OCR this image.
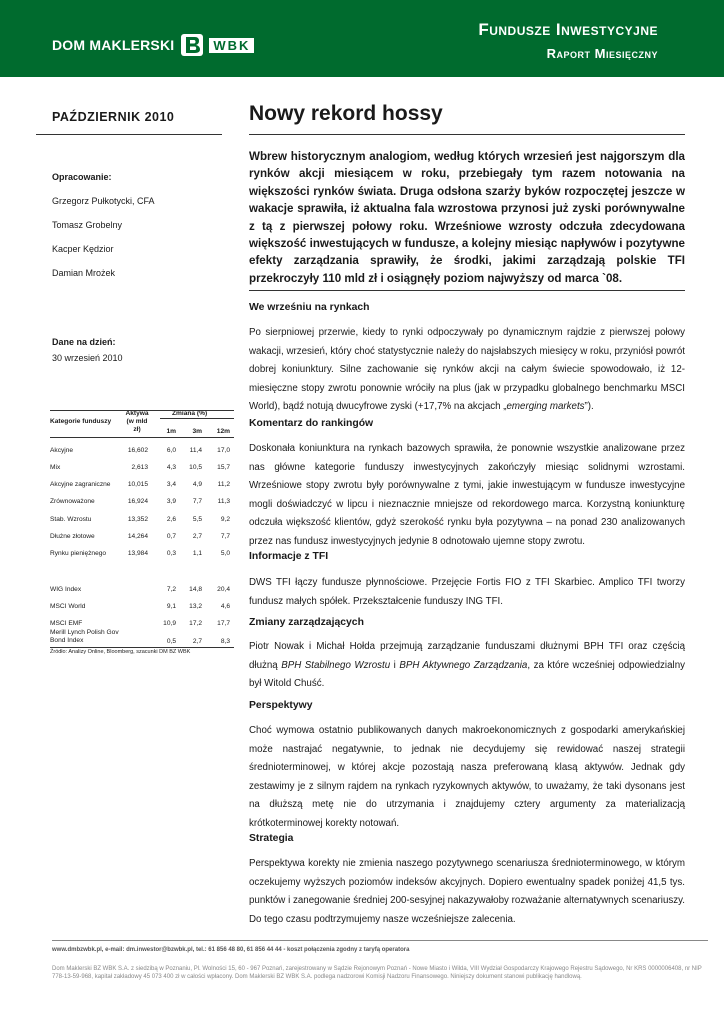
DOM MAKLERSKI	WBK
Fundusze Inwestycyjne
Raport Miesięczny
PAŹDZIERNIK 2010	Nowy rekord hossy
Opracowanie:
Grzegorz Pułkotycki, CFA
Tomasz Grobelny
Kacper Kędzior
Damian Mrożek
Dane na dzień:
30 wrzesień 2010
Kategorie funduszy
Aktywa (w mld zł)
Zmiana (%)
1m 3m 12m
Akcyjne	16,602	6,0 11,4 17,0
Mix	2,613	4,3 10,5 15,7
Akcyjne zagraniczne	10,015	3,4	4,9 11,2
Zrównoważone	16,924	3,9	7,7 11,3
Stab. Wzrostu	13,352	2,6	5,5	9,2
Dłużne złotowe	14,264	0,7	2,7	7,7
Rynku pieniężnego	13,984	0,3	1,1	5,0
WIG Index	7,2 14,8 20,4
MSCI World	9,1 13,2	4,6
MSCI EMF	10,9 17,2 17,7
Merill Lynch Polish Gov Bond Index	0,5	2,7	8,3
Źródło: Analizy Online, Bloomberg, szacunki DM BZ WBK
Wbrew historycznym analogiom, według których wrzesień jest najgorszym dla rynków akcji miesiącem w roku, przebiegały tym razem notowania na większości rynków świata. Druga odsłona szarży byków rozpoczętej jeszcze w wakacje sprawiła, iż aktualna fala wzrostowa przynosi już zyski porównywalne z tą z pierwszej połowy roku. Wrześniowe wzrosty odczuła zdecydowana większość inwestujących w fundusze, a kolejny miesiąc napływów i pozytywne efekty zarządzania sprawiły, że środki, jakimi zarządzają polskie TFI przekroczyły 110 mld zł i osiągnęły poziom najwyższy od marca `08.
We wrześniu na rynkach
Po sierpniowej przerwie, kiedy to rynki odpoczywały po dynamicznym rajdzie z pierwszej połowy wakacji, wrzesień, który choć statystycznie należy do najsłabszych miesięcy w roku, przyniósł powrót dobrej koniunktury. Silne zachowanie się rynków akcji na całym świecie spowodowało, iż 12-miesięczne stopy zwrotu ponownie wróciły na plus (jak w przypadku globalnego benchmarku MSCI World), bądź notują dwucyfrowe zyski (+17,7% na akcjach „emerging markets”).
Komentarz do rankingów
Doskonała koniunktura na rynkach bazowych sprawiła, że ponownie wszystkie analizowane przez nas główne kategorie funduszy inwestycyjnych zakończyły miesiąc solidnymi wzrostami. Wrześniowe stopy zwrotu były porównywalne z tymi, jakie inwestującym w fundusze inwestycyjne mogli doświadczyć w lipcu i nieznacznie mniejsze od rekordowego marca. Korzystną koniunkturę odczuła większość klientów, gdyż szerokość rynku była pozytywna – na ponad 230 analizowanych przez nas fundusz inwestycyjnych jedynie 8 odnotowało ujemne stopy zwrotu.
Informacje z TFI
DWS TFI łączy fundusze płynnościowe. Przejęcie Fortis FIO z TFI Skarbiec. Amplico TFI tworzy fundusz małych spółek. Przekształcenie funduszy ING TFI.
Zmiany zarządzających
Piotr Nowak i Michał Hołda przejmują zarządzanie funduszami dłużnymi BPH TFI oraz częścią dłużną BPH Stabilnego Wzrostu i BPH Aktywnego Zarządzania, za które wcześniej odpowiedzialny był Witold Chuść.
Perspektywy
Choć wymowa ostatnio publikowanych danych makroekonomicznych z gospodarki amerykańskiej może nastrajać negatywnie, to jednak nie decydujemy się rewidować naszej strategii średnioterminowej, w której akcje pozostają nasza preferowaną klasą aktywów. Jednak gdy zestawimy je z silnym rajdem na rynkach ryzykownych aktywów, to uważamy, że taki dysonans jest na dłuższą metę nie do utrzymania i znajdujemy cztery argumenty za materializacją krótkoterminowej korekty notowań.
Strategia
Perspektywa korekty nie zmienia naszego pozytywnego scenariusza średnioterminowego, w którym oczekujemy wyższych poziomów indeksów akcyjnych. Dopiero ewentualny spadek poniżej 41,5 tys. punktów i zanegowanie średniej 200-sesyjnej nakazywałoby rozważanie alternatywnych scenariuszy. Do tego czasu podtrzymujemy nasze wcześniejsze zalecenia.
www.dmbzwbk.pl, e-mail: dm.inwestor@bzwbk.pl, tel.: 61 856 48 80, 61 856 44 44 - koszt połączenia zgodny z taryfą operatora
Dom Maklerski BZ WBK S.A. z siedzibą w Poznaniu, Pl. Wolności 15, 60 - 967 Poznań, zarejestrowany w Sądzie Rejonowym Poznań - Nowe Miasto i Wilda, VIII Wydział Gospodarczy Krajowego Rejestru Sądowego, Nr KRS 0000006408, nr NIP 778-13-59-968, kapitał zakładowy 45 073 400 zł w całości wpłacony. Dom Maklerski BZ WBK S.A. podlega nadzorowi Komisji Nadzoru Finansowego. Niniejszy dokument stanowi publikację handlową.
